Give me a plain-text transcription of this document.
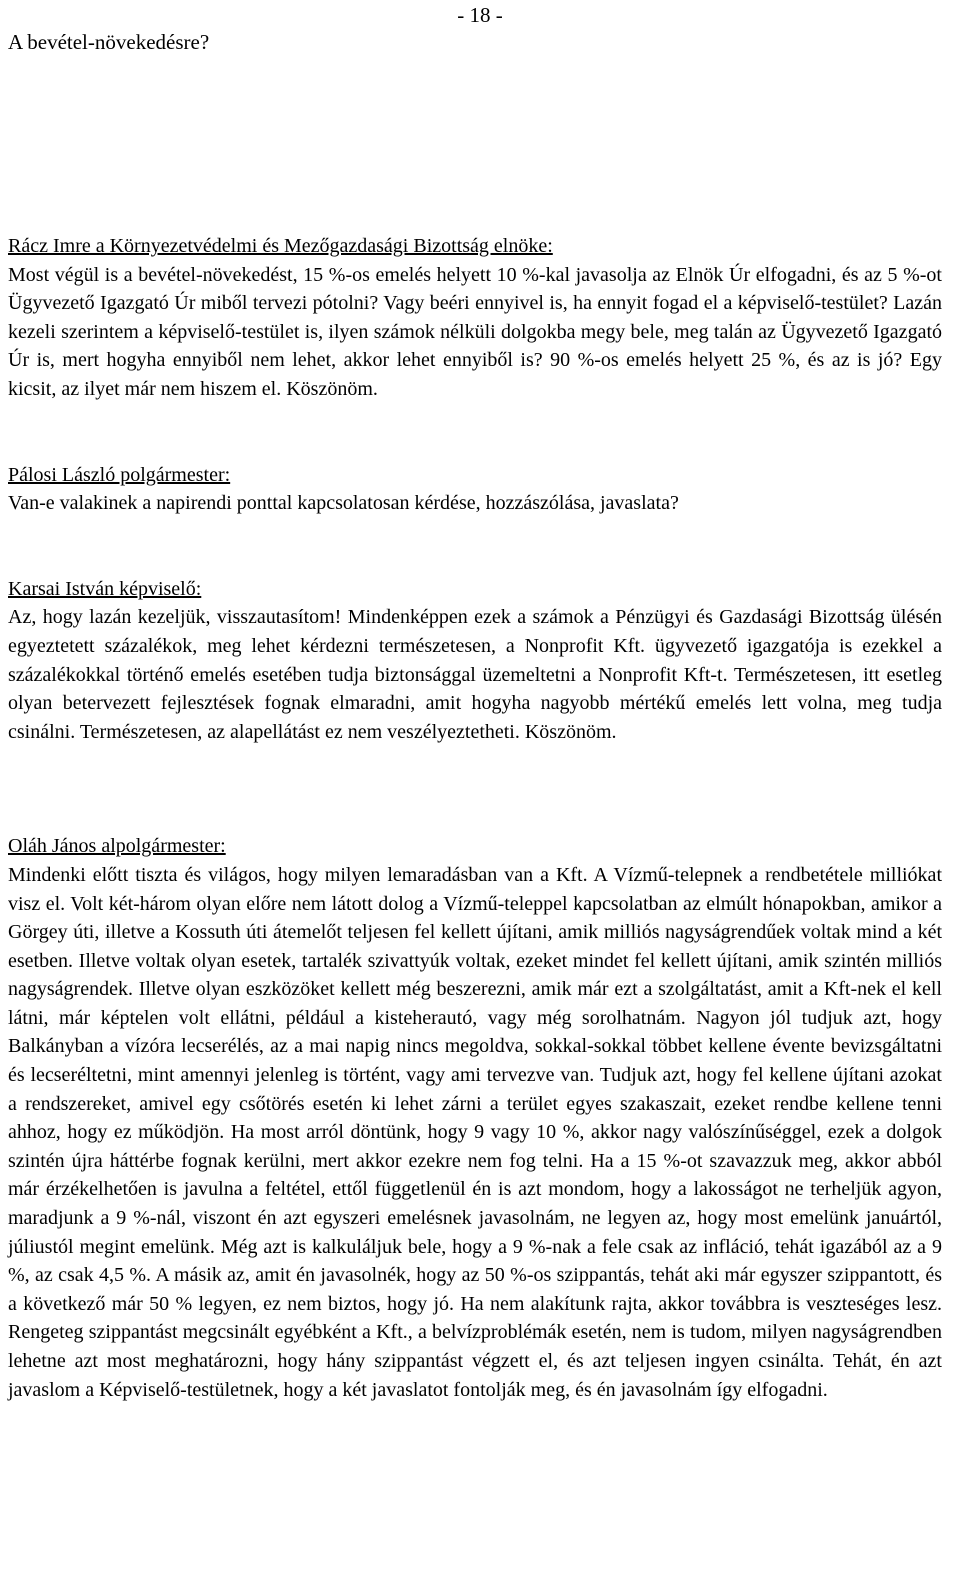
- 18 -
A bevétel-növekedésre?
Rácz Imre a Környezetvédelmi és Mezőgazdasági Bizottság elnöke:
Most végül is a bevétel-növekedést, 15 %-os emelés helyett 10 %-kal javasolja az Elnök Úr elfogadni, és az 5 %-ot Ügyvezető Igazgató Úr miből tervezi pótolni? Vagy beéri ennyivel is, ha ennyit fogad el a képviselő-testület? Lazán kezeli szerintem a képviselő-testület is, ilyen számok nélküli dolgokba megy bele, meg talán az Ügyvezető Igazgató Úr is, mert hogyha ennyiből nem lehet, akkor lehet ennyiből is? 90 %-os emelés helyett 25 %, és az is jó? Egy kicsit, az ilyet már nem hiszem el. Köszönöm.
Pálosi László polgármester:
Van-e valakinek a napirendi ponttal kapcsolatosan kérdése, hozzászólása, javaslata?
Karsai István képviselő:
Az, hogy lazán kezeljük, visszautasítom! Mindenképpen ezek a számok a Pénzügyi és Gazdasági Bizottság ülésén egyeztetett százalékok, meg lehet kérdezni természetesen, a Nonprofit Kft. ügyvezető igazgatója is ezekkel a százalékokkal történő emelés esetében tudja biztonsággal üzemeltetni a Nonprofit Kft-t. Természetesen, itt esetleg olyan betervezett fejlesztések fognak elmaradni, amit hogyha nagyobb mértékű emelés lett volna, meg tudja csinálni. Természetesen, az alapellátást ez nem veszélyeztetheti. Köszönöm.
Oláh János alpolgármester:
Mindenki előtt tiszta és világos, hogy milyen lemaradásban van a Kft. A Vízmű-telepnek a rendbetétele milliókat visz el. Volt két-három olyan előre nem látott dolog a Vízmű-teleppel kapcsolatban az elmúlt hónapokban, amikor a Görgey úti, illetve a Kossuth úti átemelőt teljesen fel kellett újítani, amik milliós nagyságrendűek voltak mind a két esetben. Illetve voltak olyan esetek, tartalék szivattyúk voltak, ezeket mindet fel kellett újítani, amik szintén milliós nagyságrendek. Illetve olyan eszközöket kellett még beszerezni, amik már ezt a szolgáltatást, amit a Kft-nek el kell látni, már képtelen volt ellátni, például a kisteherautó, vagy még sorolhatnám. Nagyon jól tudjuk azt, hogy Balkányban a vízóra lecserélés, az a mai napig nincs megoldva, sokkal-sokkal többet kellene évente bevizsgáltatni és lecseréltetni, mint amennyi jelenleg is történt, vagy ami tervezve van. Tudjuk azt, hogy fel kellene újítani azokat a rendszereket, amivel egy csőtörés esetén ki lehet zárni a terület egyes szakaszait, ezeket rendbe kellene tenni ahhoz, hogy ez működjön. Ha most arról döntünk, hogy 9 vagy 10 %, akkor nagy valószínűséggel, ezek a dolgok szintén újra háttérbe fognak kerülni, mert akkor ezekre nem fog telni. Ha a 15 %-ot szavazzuk meg, akkor abból már érzékelhetően is javulna a feltétel, ettől függetlenül én is azt mondom, hogy a lakosságot ne terheljük agyon, maradjunk a 9 %-nál, viszont én azt egyszeri emelésnek javasolnám, ne legyen az, hogy most emelünk januártól, júliustól megint emelünk. Még azt is kalkuláljuk bele, hogy a 9 %-nak a fele csak az infláció, tehát igazából az a 9 %, az csak 4,5 %. A másik az, amit én javasolnék, hogy az 50 %-os szippantás, tehát aki már egyszer szippantott, és a következő már 50 % legyen, ez nem biztos, hogy jó. Ha nem alakítunk rajta, akkor továbbra is veszteséges lesz. Rengeteg szippantást megcsinált egyébként a Kft., a belvízproblémák esetén, nem is tudom, milyen nagyságrendben lehetne azt most meghatározni, hogy hány szippantást végzett el, és azt teljesen ingyen csinálta. Tehát, én azt javaslom a Képviselő-testületnek, hogy a két javaslatot fontolják meg, és én javasolnám így elfogadni.
